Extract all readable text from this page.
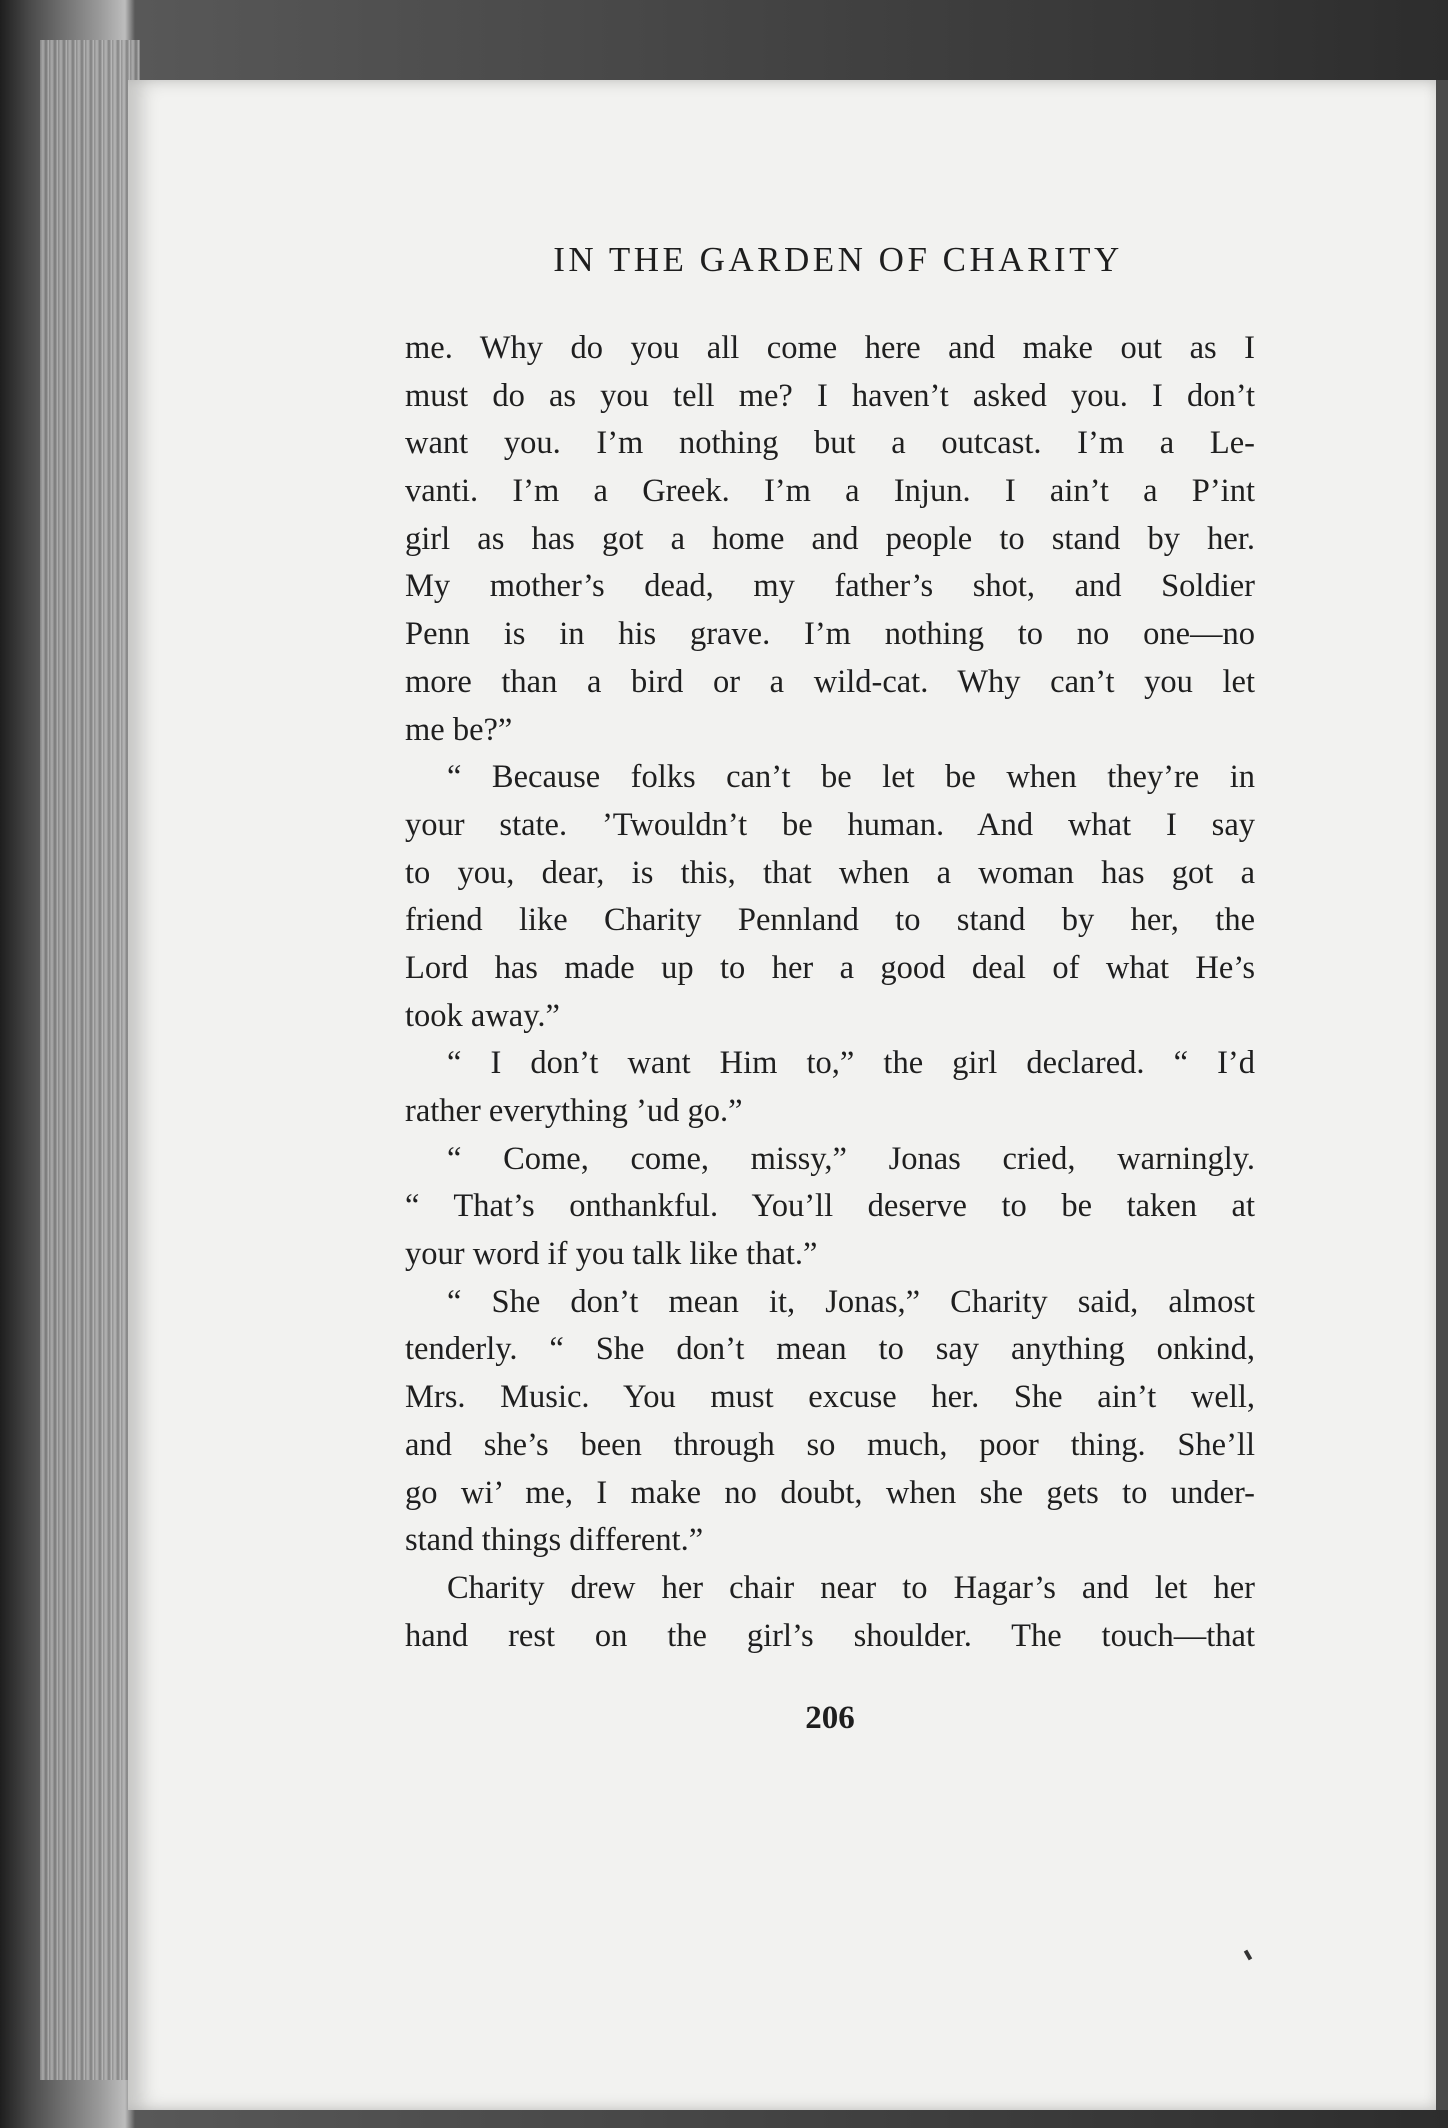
IN THE GARDEN OF CHARITY
me. Why do you all come here and make out as I
must do as you tell me? I haven’t asked you. I don’t
want you. I’m nothing but a outcast. I’m a Le-
vanti. I’m a Greek. I’m a Injun. I ain’t a P’int
girl as has got a home and people to stand by her.
My mother’s dead, my father’s shot, and Soldier
Penn is in his grave. I’m nothing to no one—no
more than a bird or a wild-cat. Why can’t you let
me be?”
“ Because folks can’t be let be when they’re in
your state. ’Twouldn’t be human. And what I say
to you, dear, is this, that when a woman has got a
friend like Charity Pennland to stand by her, the
Lord has made up to her a good deal of what He’s
took away.”
“ I don’t want Him to,” the girl declared. “ I’d
rather everything ’ud go.”
“ Come, come, missy,” Jonas cried, warningly.
“ That’s onthankful. You’ll deserve to be taken at
your word if you talk like that.”
“ She don’t mean it, Jonas,” Charity said, almost
tenderly. “ She don’t mean to say anything onkind,
Mrs. Music. You must excuse her. She ain’t well,
and she’s been through so much, poor thing. She’ll
go wi’ me, I make no doubt, when she gets to under-
stand things different.”
Charity drew her chair near to Hagar’s and let her
hand rest on the girl’s shoulder. The touch—that
206
